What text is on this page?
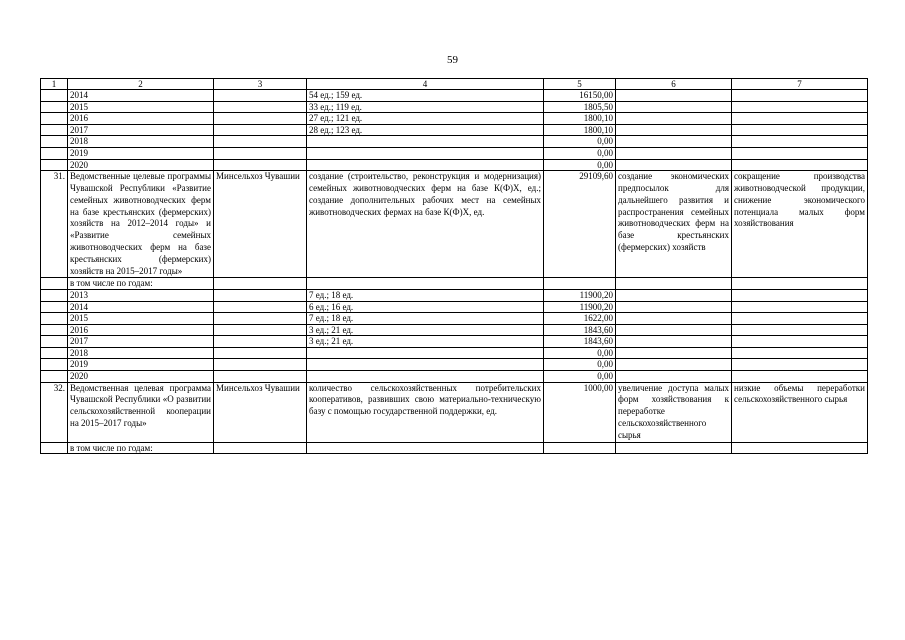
59
1	2	3	4	5	6	7
	2014		54 ед.; 159 ед.	16150,00		
	2015		33 ед.; 119 ед.	1805,50		
	2016		27 ед.; 121 ед.	1800,10		
	2017		28 ед.; 123 ед.	1800,10		
	2018			0,00		
	2019			0,00		
	2020			0,00		
31.	Ведомственные целевые программы Чувашской Республики «Развитие семейных животноводческих ферм на базе крестьянских (фермерских) хозяйств на 2012–2014 годы» и «Развитие семейных животноводческих ферм на базе крестьянских (фермерских) хозяйств на 2015–2017 годы»	Минсельхоз Чувашии	создание (строительство, реконструкция и модернизация) семейных животноводческих ферм на базе К(Ф)Х, ед.; создание дополнительных рабочих мест на семейных животноводческих фермах на базе К(Ф)Х, ед.	29109,60	создание экономических предпосылок для дальнейшего развития и распространения семейных животноводческих ферм на базе крестьянских (фермерских) хозяйств	сокращение производства животноводческой продукции, снижение экономического потенциала малых форм хозяйствования
	в том числе по годам:					
	2013		7 ед.; 18 ед.	11900,20		
	2014		6 ед.; 16 ед.	11900,20		
	2015		7 ед.; 18 ед.	1622,00		
	2016		3 ед.; 21 ед.	1843,60		
	2017		3 ед.; 21 ед.	1843,60		
	2018			0,00		
	2019			0,00		
	2020			0,00		
32.	Ведомственная целевая программа Чувашской Республики «О развитии сельскохозяйственной кооперации на 2015–2017 годы»	Минсельхоз Чувашии	количество сельскохозяйственных потребительских кооперативов, развивших свою материально-техническую базу с помощью государственной поддержки, ед.	1000,00	увеличение доступа малых форм хозяйствования к переработке сельскохозяйственного сырья	низкие объемы переработки сельскохозяйственного сырья
	в том числе по годам:					
